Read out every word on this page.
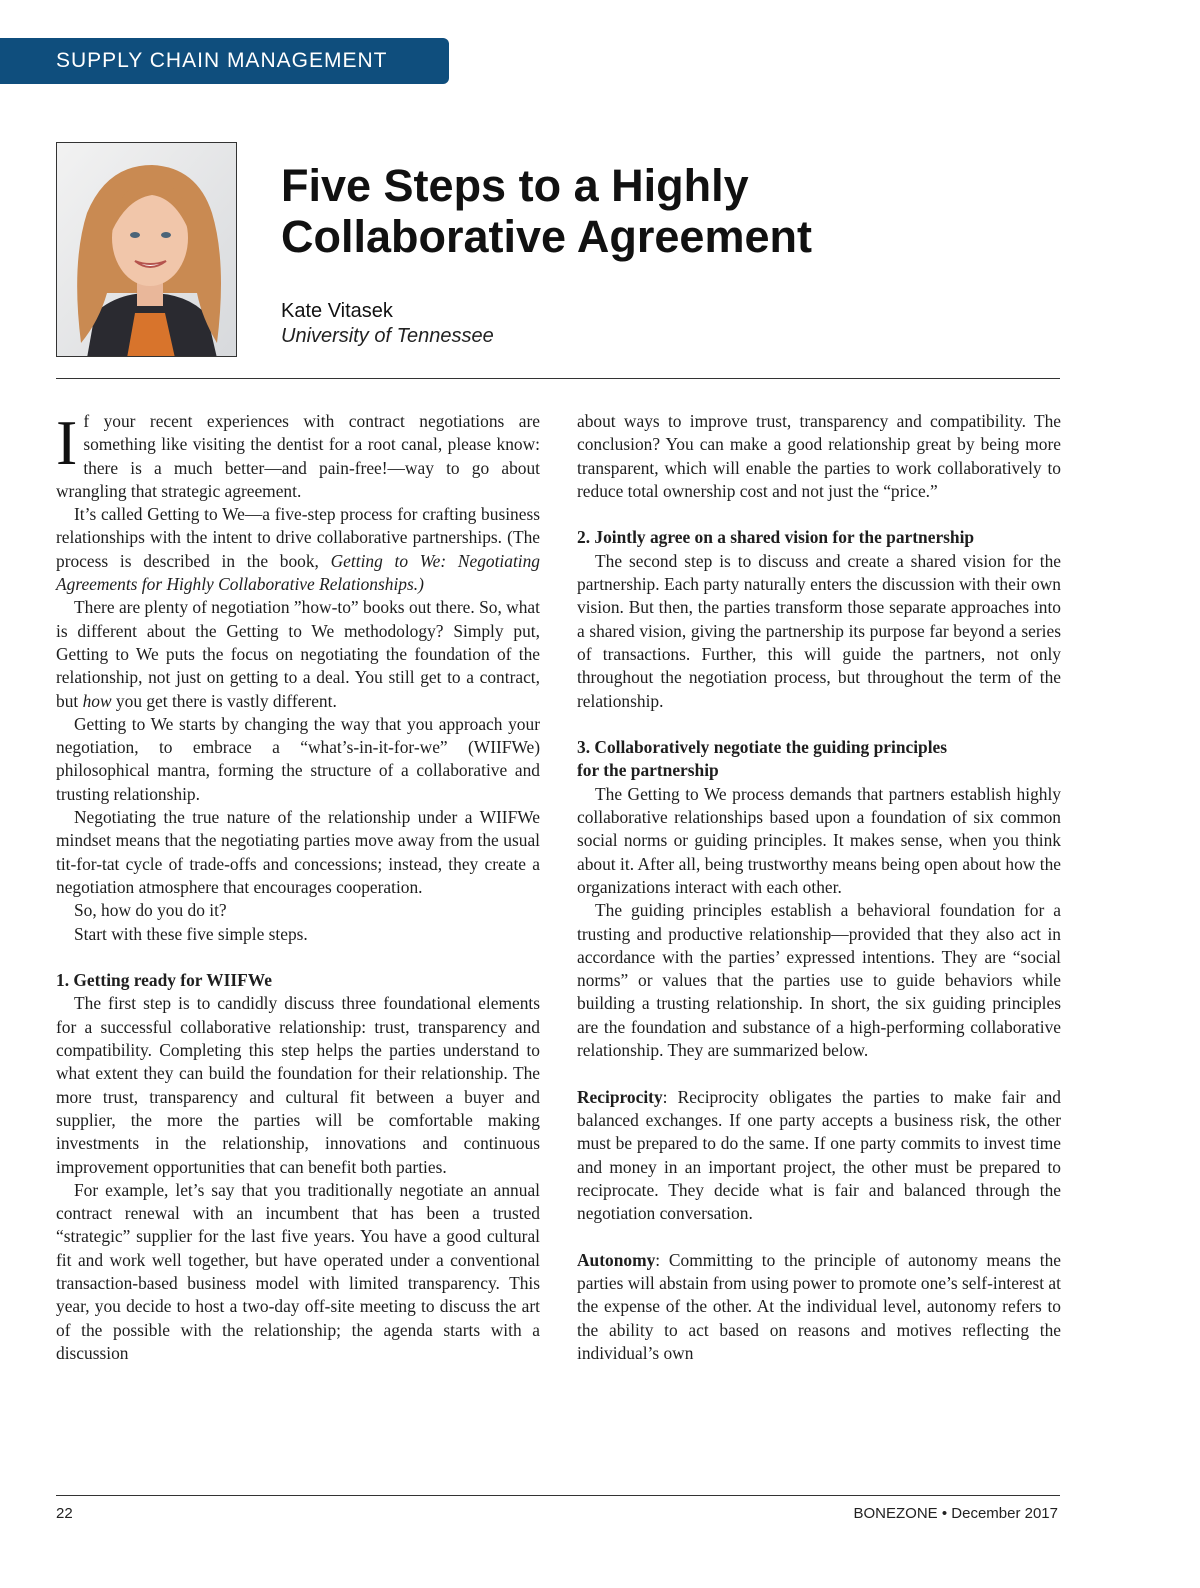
SUPPLY CHAIN MANAGEMENT
Five Steps to a Highly
Collaborative Agreement
Kate Vitasek
University of Tennessee

If your recent experiences with contract negotiations are something like visiting the dentist for a root canal, please know: there is a much better—and pain-free!—way to go about wrangling that strategic agreement.

It’s called Getting to We—a five-step process for crafting business relationships with the intent to drive collaborative partnerships. (The process is described in the book, Getting to We: Negotiating Agreements for Highly Collaborative Relationships.)

There are plenty of negotiation ”how-to” books out there. So, what is different about the Getting to We methodology? Simply put, Getting to We puts the focus on negotiating the foundation of the relationship, not just on getting to a deal. You still get to a contract, but how you get there is vastly different.

Getting to We starts by changing the way that you approach your negotiation, to embrace a “what’s-in-it-for-we” (WIIFWe) philosophical mantra, forming the structure of a collaborative and trusting relationship.

Negotiating the true nature of the relationship under a WIIFWe mindset means that the negotiating parties move away from the usual tit-for-tat cycle of trade-offs and concessions; instead, they create a negotiation atmosphere that encourages cooperation.

So, how do you do it?

Start with these five simple steps.

1. Getting ready for WIIFWe

The first step is to candidly discuss three foundational elements for a successful collaborative relationship: trust, transparency and compatibility. Completing this step helps the parties understand to what extent they can build the foundation for their relationship. The more trust, transparency and cultural fit between a buyer and supplier, the more the parties will be comfortable making investments in the relationship, innovations and continuous improvement opportunities that can benefit both parties.

For example, let’s say that you traditionally negotiate an annual contract renewal with an incumbent that has been a trusted “strategic” supplier for the last five years. You have a good cultural fit and work well together, but have operated under a conventional transaction-based business model with limited transparency. This year, you decide to host a two-day off-site meeting to discuss the art of the possible with the relationship; the agenda starts with a discussion

about ways to improve trust, transparency and compatibility. The conclusion? You can make a good relationship great by being more transparent, which will enable the parties to work collaboratively to reduce total ownership cost and not just the “price.”

2. Jointly agree on a shared vision for the partnership

The second step is to discuss and create a shared vision for the partnership. Each party naturally enters the discussion with their own vision. But then, the parties transform those separate approaches into a shared vision, giving the partnership its purpose far beyond a series of transactions. Further, this will guide the partners, not only throughout the negotiation process, but throughout the term of the relationship.

3. Collaboratively negotiate the guiding principles
for the partnership

The Getting to We process demands that partners establish highly collaborative relationships based upon a foundation of six common social norms or guiding principles. It makes sense, when you think about it. After all, being trustworthy means being open about how the organizations interact with each other.

The guiding principles establish a behavioral foundation for a trusting and productive relationship—provided that they also act in accordance with the parties’ expressed intentions. They are “social norms” or values that the parties use to guide behaviors while building a trusting relationship. In short, the six guiding principles are the foundation and substance of a high-performing collaborative relationship. They are summarized below.

Reciprocity: Reciprocity obligates the parties to make fair and balanced exchanges. If one party accepts a business risk, the other must be prepared to do the same. If one party commits to invest time and money in an important project, the other must be prepared to reciprocate. They decide what is fair and balanced through the negotiation conversation.

Autonomy: Committing to the principle of autonomy means the parties will abstain from using power to promote one’s self-interest at the expense of the other. At the individual level, autonomy refers to the ability to act based on reasons and motives reflecting the individual’s own

22	BONEZONE • December 2017
